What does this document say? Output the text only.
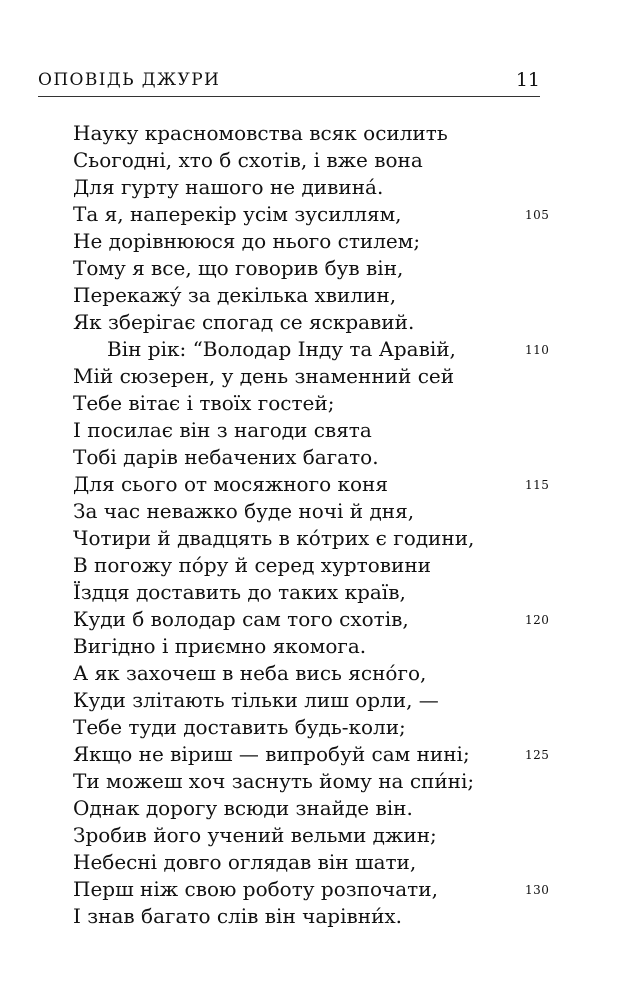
ОПОВІДЬ ДЖУРИ	11
Науку красномовства всяк осилить
Сьогодні, хто б схотів, і вже вона
Для гурту нашого не дивина́.
Та я, наперекір усім зусиллям,	105
Не дорівнююся до нього стилем;
Тому я все, що говорив був він,
Перекажу́ за декілька хвилин,
Як зберігає спогад се яскравий.
Він рік: “Володар Інду та Аравій,	110
Мій сюзерен, у день знаменний сей
Тебе вітає і твоїх гостей;
І посилає він з нагоди свята
Тобі дарів небачених багато.
Для сього от мосяжного коня	115
За час неважко буде ночі й дня,
Чотири й двадцять в ко́трих є години,
В погожу по́ру й серед хуртовини
Їздця доставить до таких країв,
Куди б володар сам того схотів,	120
Вигідно і приємно якомога.
А як захочеш в неба вись ясно́го,
Куди злітають тільки лиш орли, —
Тебе туди доставить будь-коли;
Якщо не віриш — випробуй сам нині;	125
Ти можеш хоч заснуть йому на спи́ні;
Однак дорогу всюди знайде він.
Зробив його учений вельми джин;
Небесні довго оглядав він шати,
Перш ніж свою роботу розпочати,	130
І знав багато слів він чарівни́х.
